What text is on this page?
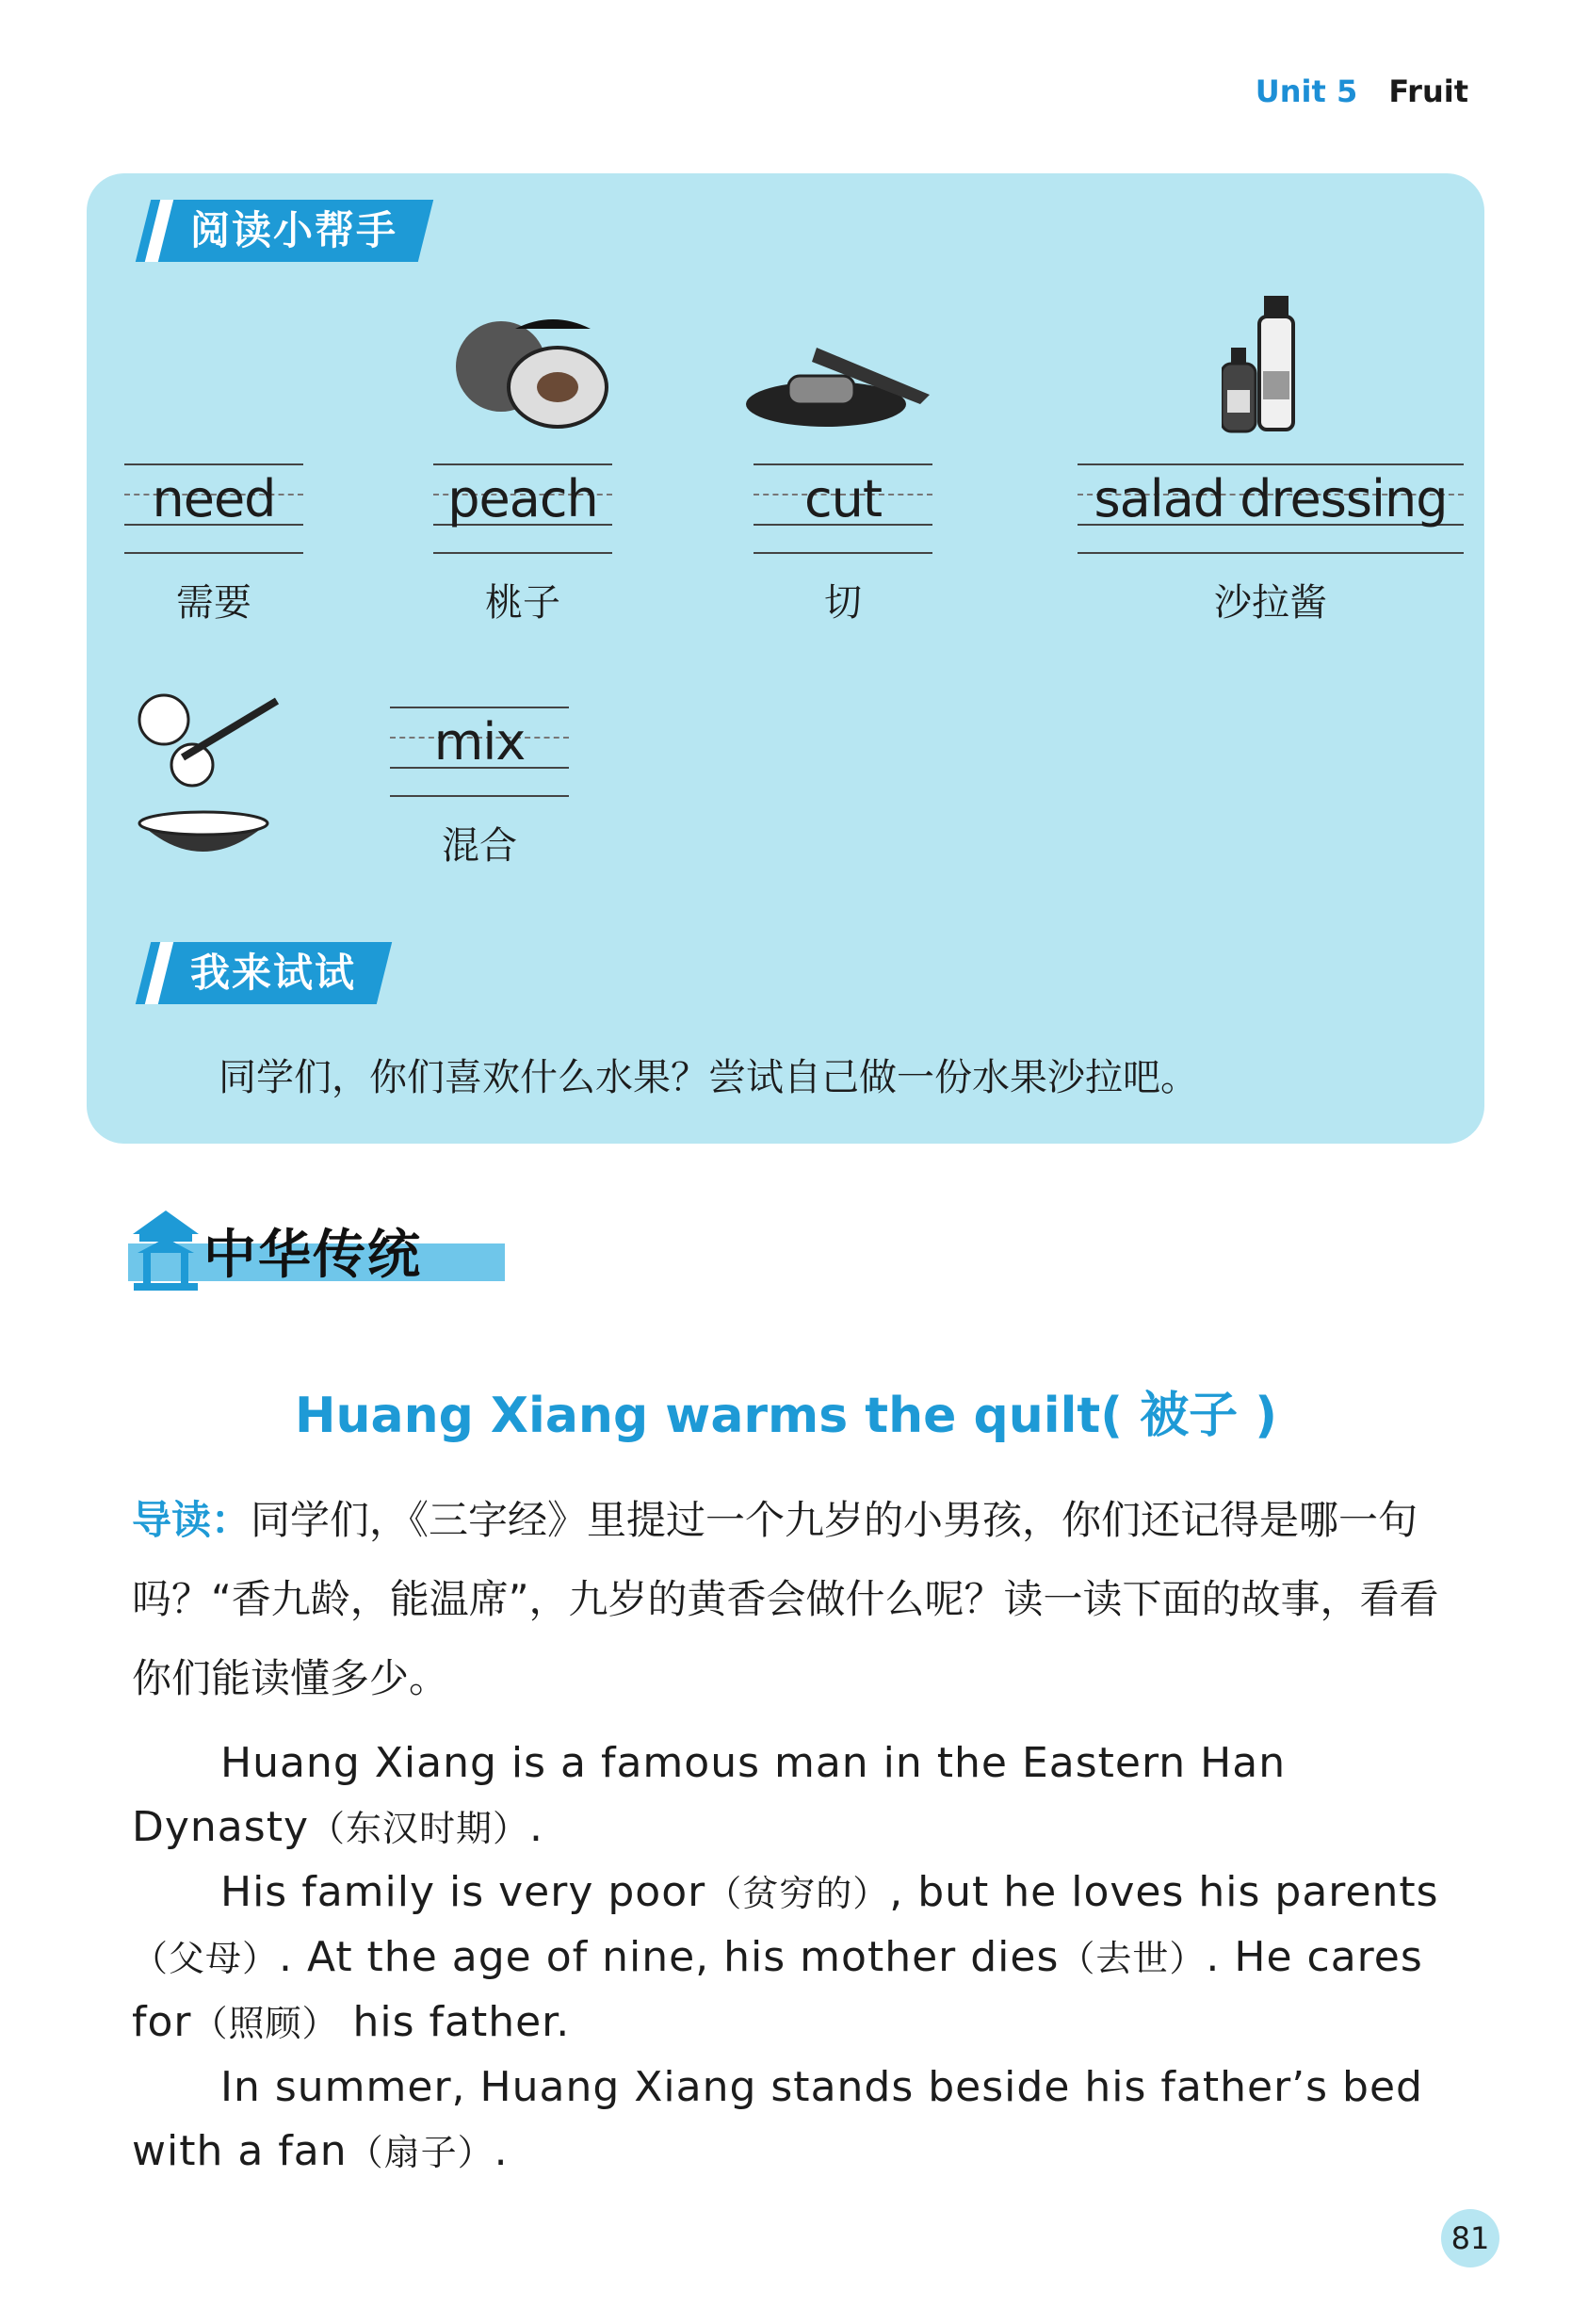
Unit 5 Fruit
阅读小帮手
need
需要
peach
桃子
cut
切
salad dressing
沙拉酱
mix
混合
我来试试
同学们，你们喜欢什么水果？尝试自己做一份水果沙拉吧。
中华传统
Huang Xiang warms the quilt( 被子 )
导读：同学们，《三字经》里提过一个九岁的小男孩，你们还记得是哪一句吗？“香九龄，能温席”，九岁的黄香会做什么呢？读一读下面的故事，看看你们能读懂多少。

Huang Xiang is a famous man in the Eastern Han Dynasty（东汉时期）.

His family is very poor（贫穷的）, but he loves his parents（父母）. At the age of nine, his mother dies（去世）. He cares for（照顾） his father.

In summer, Huang Xiang stands beside his father’s bed with a fan（扇子）.

81
